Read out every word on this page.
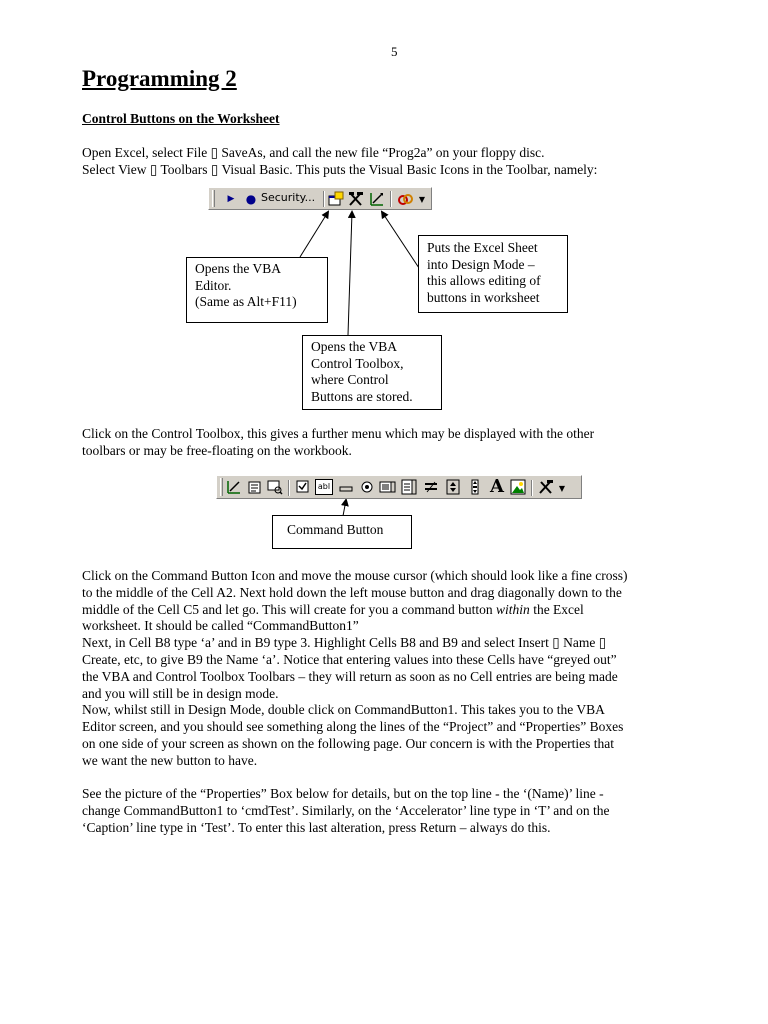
5
Programming 2
Control Buttons on the Worksheet
Open Excel, select File ▯ SaveAs, and call the new file “Prog2a” on your floppy disc.
Select View ▯ Toolbars ▯ Visual Basic. This puts the Visual Basic Icons in the Toolbar, namely:
▶ ● Security...	▼
Opens the VBA
Editor.
(Same as Alt+F11)
Puts the Excel Sheet
into Design Mode –
this allows editing of
buttons in worksheet
Opens the VBA
Control Toolbox,
where Control
Buttons are stored.
Click on the Control Toolbox, this gives a further menu which may be displayed with the other
toolbars or may be free-floating on the workbook.
abl	A	▼
Command Button
Click on the Command Button Icon and move the mouse cursor (which should look like a fine cross)
to the middle of the Cell A2. Next hold down the left mouse button and drag diagonally down to the
middle of the Cell C5 and let go. This will create for you a command button within the Excel
worksheet. It should be called “CommandButton1”
Next, in Cell B8 type ‘a’ and in B9 type 3. Highlight Cells B8 and B9 and select Insert ▯ Name ▯
Create, etc, to give B9 the Name ‘a’. Notice that entering values into these Cells have “greyed out”
the VBA and Control Toolbox Toolbars – they will return as soon as no Cell entries are being made
and you will still be in design mode.
Now, whilst still in Design Mode, double click on CommandButton1. This takes you to the VBA
Editor screen, and you should see something along the lines of the “Project” and “Properties” Boxes
on one side of your screen as shown on the following page. Our concern is with the Properties that
we want the new button to have.
See the picture of the “Properties” Box below for details, but on the top line - the ‘(Name)’ line -
change CommandButton1 to ‘cmdTest’. Similarly, on the ‘Accelerator’ line type in ‘T’ and on the
‘Caption’ line type in ‘Test’. To enter this last alteration, press Return – always do this.
